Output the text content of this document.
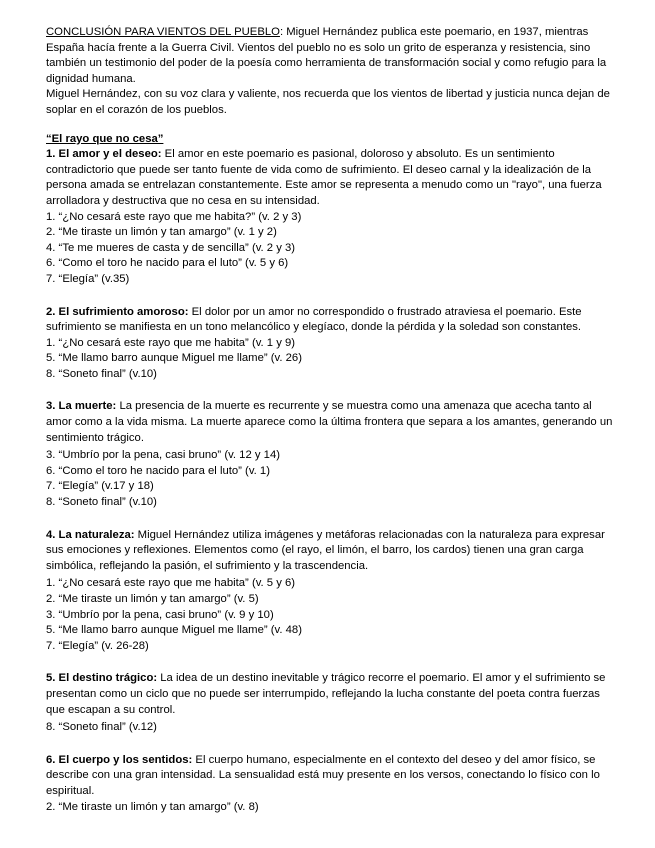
CONCLUSIÓN PARA VIENTOS DEL PUEBLO: Miguel Hernández publica este poemario, en 1937, mientras España hacía frente a la Guerra Civil. Vientos del pueblo no es solo un grito de esperanza y resistencia, sino también un testimonio del poder de la poesía como herramienta de transformación social y como refugio para la dignidad humana.

Miguel Hernández, con su voz clara y valiente, nos recuerda que los vientos de libertad y justicia nunca dejan de soplar en el corazón de los pueblos.

“El rayo que no cesa”

1. El amor y el deseo: El amor en este poemario es pasional, doloroso y absoluto. Es un sentimiento contradictorio que puede ser tanto fuente de vida como de sufrimiento. El deseo carnal y la idealización de la persona amada se entrelazan constantemente. Este amor se representa a menudo como un "rayo", una fuerza arrolladora y destructiva que no cesa en su intensidad.

1. “¿No cesará este rayo que me habita?” (v. 2 y 3)

2. “Me tiraste un limón y tan amargo” (v. 1 y 2)

4. “Te me mueres de casta y de sencilla” (v. 2 y 3)

6. “Como el toro he nacido para el luto” (v. 5 y 6)

7. “Elegía” (v.35)

2. El sufrimiento amoroso: El dolor por un amor no correspondido o frustrado atraviesa el poemario. Este sufrimiento se manifiesta en un tono melancólico y elegíaco, donde la pérdida y la soledad son constantes.

1. “¿No cesará este rayo que me habita” (v. 1 y 9)

5. “Me llamo barro aunque Miguel me llame” (v. 26)

8. “Soneto final” (v.10)

3. La muerte: La presencia de la muerte es recurrente y se muestra como una amenaza que acecha tanto al amor como a la vida misma. La muerte aparece como la última frontera que separa a los amantes, generando un sentimiento trágico.

3. “Umbrío por la pena, casi bruno” (v. 12 y 14)

6. “Como el toro he nacido para el luto” (v. 1)

7. “Elegía” (v.17 y 18)

8. “Soneto final” (v.10)

4. La naturaleza: Miguel Hernández utiliza imágenes y metáforas relacionadas con la naturaleza para expresar sus emociones y reflexiones. Elementos como (el rayo, el limón, el barro, los cardos) tienen una gran carga simbólica, reflejando la pasión, el sufrimiento y la trascendencia.

1. “¿No cesará este rayo que me habita” (v. 5 y 6)

2. “Me tiraste un limón y tan amargo” (v. 5)

3. “Umbrío por la pena, casi bruno” (v. 9 y 10)

5. “Me llamo barro aunque Miguel me llame” (v. 48)

7. “Elegía” (v. 26-28)

5. El destino trágico: La idea de un destino inevitable y trágico recorre el poemario. El amor y el sufrimiento se presentan como un ciclo que no puede ser interrumpido, reflejando la lucha constante del poeta contra fuerzas que escapan a su control.

8. “Soneto final” (v.12)

6. El cuerpo y los sentidos: El cuerpo humano, especialmente en el contexto del deseo y del amor físico, se describe con una gran intensidad. La sensualidad está muy presente en los versos, conectando lo físico con lo espiritual.

2. “Me tiraste un limón y tan amargo” (v. 8)
